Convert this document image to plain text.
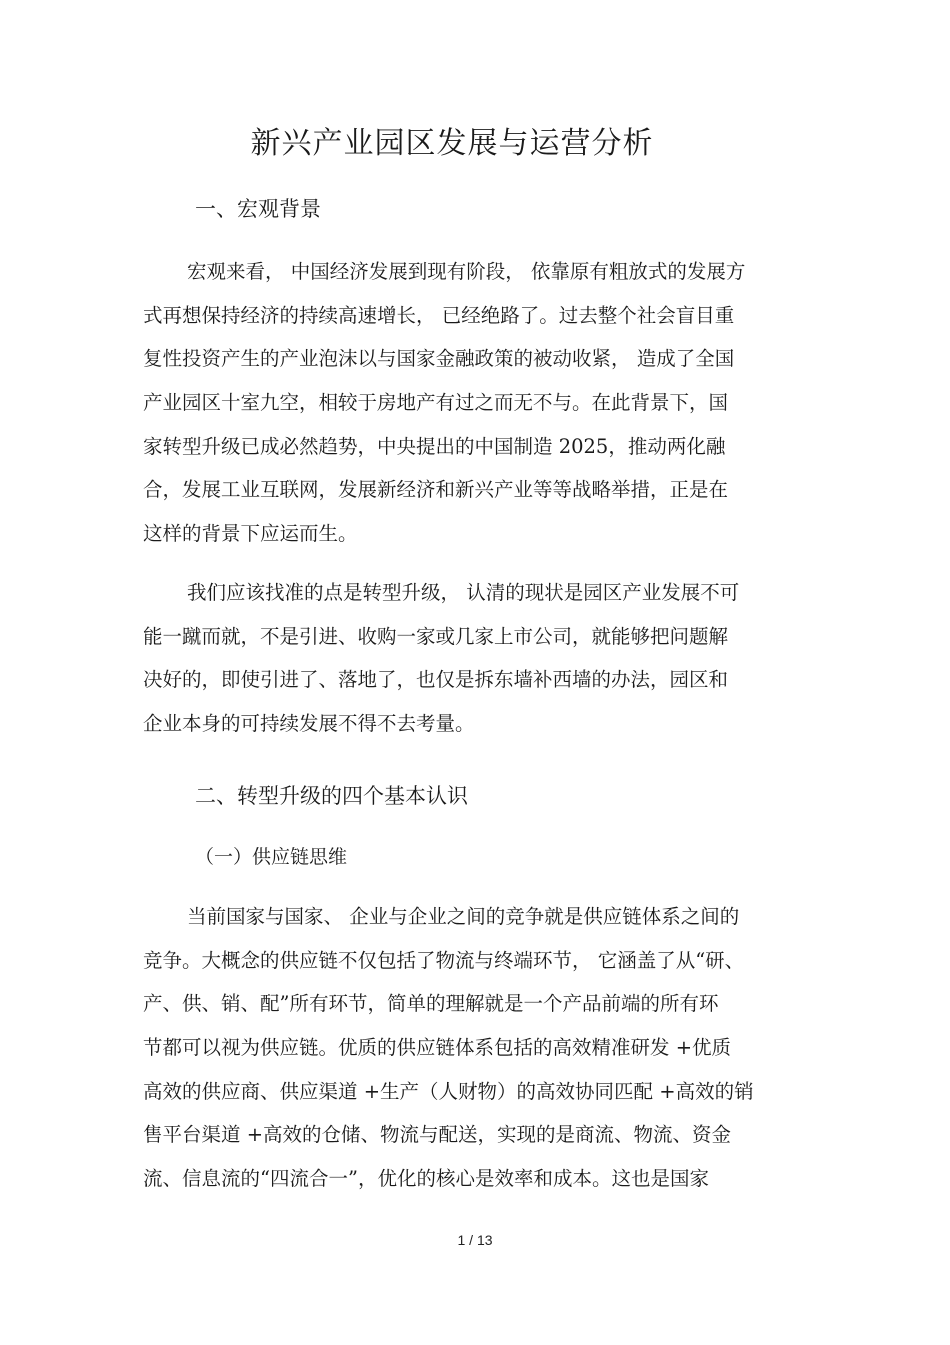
新兴产业园区发展与运营分析
一、宏观背景
宏观来看， 中国经济发展到现有阶段， 依靠原有粗放式的发展方
式再想保持经济的持续高速增长， 已经绝路了。过去整个社会盲目重
复性投资产生的产业泡沫以与国家金融政策的被动收紧， 造成了全国
产业园区十室九空，相较于房地产有过之而无不与。在此背景下，国
家转型升级已成必然趋势，中央提出的中国制造 2025，推动两化融
合，发展工业互联网，发展新经济和新兴产业等等战略举措，正是在
这样的背景下应运而生。
我们应该找准的点是转型升级， 认清的现状是园区产业发展不可
能一蹴而就，不是引进、收购一家或几家上市公司，就能够把问题解
决好的，即使引进了、落地了，也仅是拆东墙补西墙的办法，园区和
企业本身的可持续发展不得不去考量。
二、转型升级的四个基本认识
（一）供应链思维
当前国家与国家、 企业与企业之间的竞争就是供应链体系之间的
竞争。大概念的供应链不仅包括了物流与终端环节， 它涵盖了从“研、
产、供、销、配”所有环节，简单的理解就是一个产品前端的所有环
节都可以视为供应链。优质的供应链体系包括的高效精准研发 +优质
高效的供应商、供应渠道 +生产（人财物）的高效协同匹配 +高效的销
售平台渠道 +高效的仓储、物流与配送，实现的是商流、物流、资金
流、信息流的“四流合一”，优化的核心是效率和成本。这也是国家
1 / 13
